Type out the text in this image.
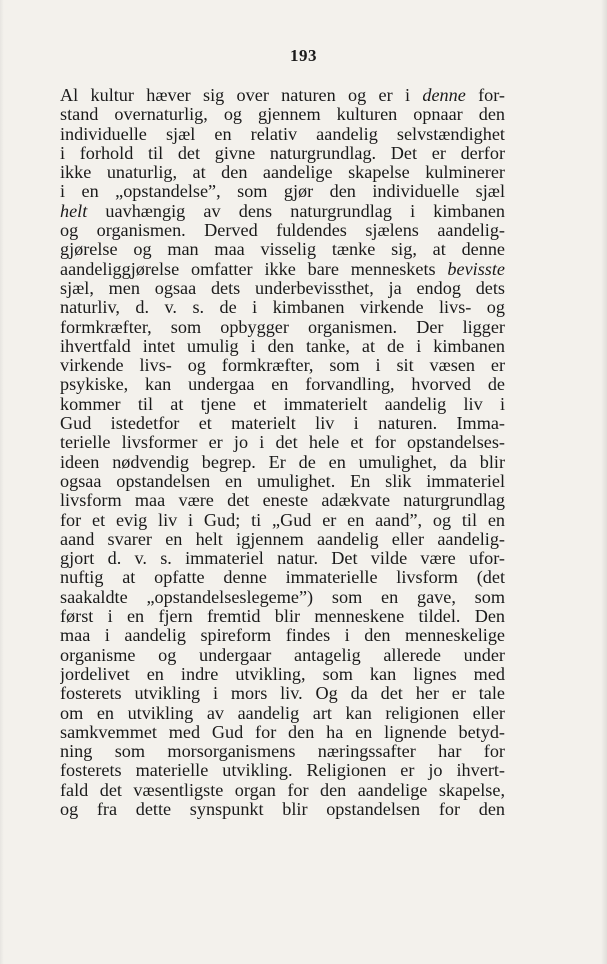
193
Al kultur hæver sig over naturen og er i denne for-
stand overnaturlig, og gjennem kulturen opnaar den
individuelle sjæl en relativ aandelig selvstændighet
i forhold til det givne naturgrundlag. Det er derfor
ikke unaturlig, at den aandelige skapelse kulminerer
i en „opstandelse”, som gjør den individuelle sjæl
helt uavhængig av dens naturgrundlag i kimbanen
og organismen. Derved fuldendes sjælens aandelig-
gjørelse og man maa visselig tænke sig, at denne
aandeliggjørelse omfatter ikke bare menneskets bevisste
sjæl, men ogsaa dets underbevissthet, ja endog dets
naturliv, d. v. s. de i kimbanen virkende livs- og
formkræfter, som opbygger organismen. Der ligger
ihvertfald intet umulig i den tanke, at de i kimbanen
virkende livs- og formkræfter, som i sit væsen er
psykiske, kan undergaa en forvandling, hvorved de
kommer til at tjene et immaterielt aandelig liv i
Gud istedetfor et materielt liv i naturen. Imma-
terielle livsformer er jo i det hele et for opstandelses-
ideen nødvendig begrep. Er de en umulighet, da blir
ogsaa opstandelsen en umulighet. En slik immateriel
livsform maa være det eneste adækvate naturgrundlag
for et evig liv i Gud; ti „Gud er en aand”, og til en
aand svarer en helt igjennem aandelig eller aandelig-
gjort d. v. s. immateriel natur. Det vilde være ufor-
nuftig at opfatte denne immaterielle livsform (det
saakaldte „opstandelseslegeme”) som en gave, som
først i en fjern fremtid blir menneskene tildel. Den
maa i aandelig spireform findes i den menneskelige
organisme og undergaar antagelig allerede under
jordelivet en indre utvikling, som kan lignes med
fosterets utvikling i mors liv. Og da det her er tale
om en utvikling av aandelig art kan religionen eller
samkvemmet med Gud for den ha en lignende betyd-
ning som morsorganismens næringssafter har for
fosterets materielle utvikling. Religionen er jo ihvert-
fald det væsentligste organ for den aandelige skapelse,
og fra dette synspunkt blir opstandelsen for den
